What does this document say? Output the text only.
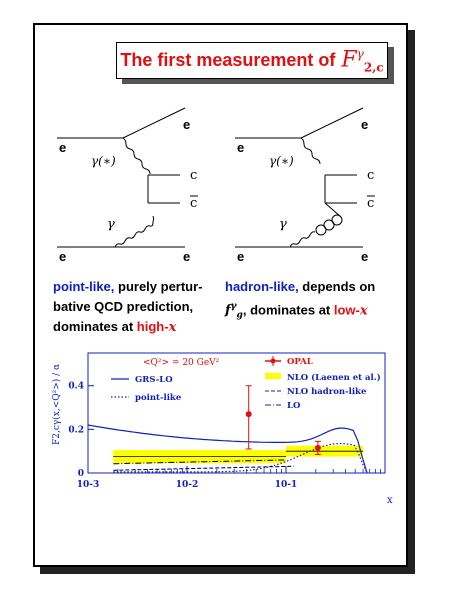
The first measurement of $F^\gamma_{2,c}$
e
e
γ(∗)
c
c
γ
e	e
e
e
γ(∗)
c
c
γ
e	e
point-like, purely pertur-
bative QCD prediction,
dominates at high-x
hadron-like, depends on
$f^\gamma_g$, dominates at low-x
0
0.2
0.4
10-3	10-2	10-1
F2,cγ(x,<Q²>) / α
x
<Q²> = 20 GeV²	OPAL
NLO (Laenen et al.)
NLO hadron-like
LO
GRS-LO
point-like
